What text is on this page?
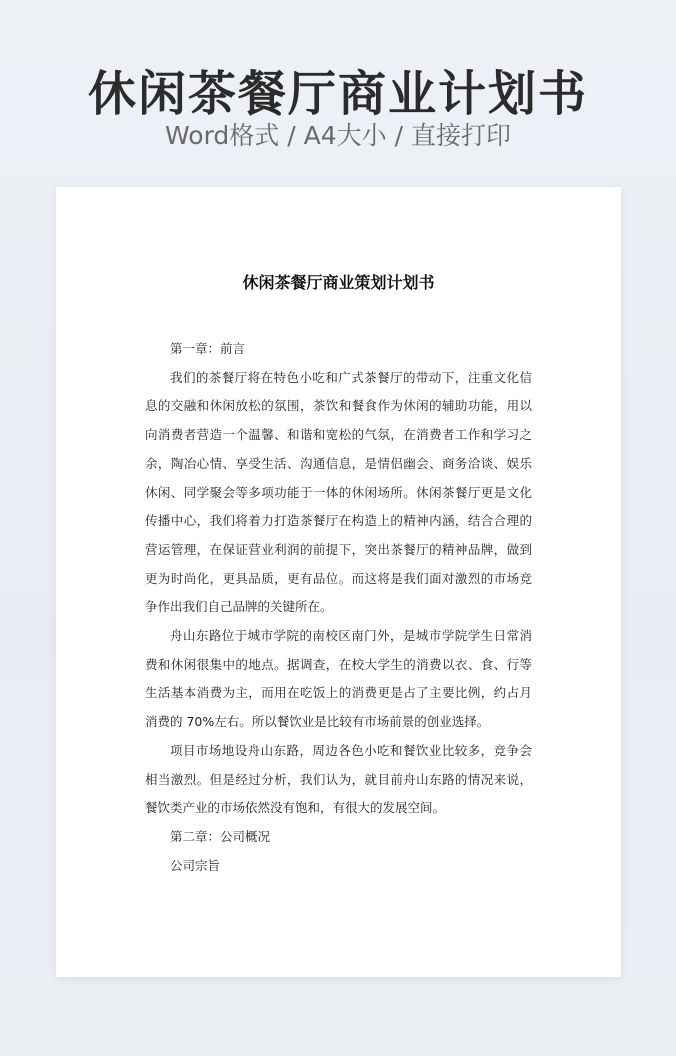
休闲茶餐厅商业计划书
Word格式 / A4大小 / 直接打印
休闲茶餐厅商业策划计划书

第一章：前言

我们的茶餐厅将在特色小吃和广式茶餐厅的带动下，注重文化信息的交融和休闲放松的氛围，茶饮和餐食作为休闲的辅助功能，用以向消费者营造一个温馨、和谐和宽松的气氛，在消费者工作和学习之余，陶冶心情、享受生活、沟通信息，是情侣幽会、商务洽谈、娱乐休闲、同学聚会等多项功能于一体的休闲场所。休闲茶餐厅更是文化传播中心，我们将着力打造茶餐厅在构造上的精神内涵，结合合理的营运管理，在保证营业利润的前提下，突出茶餐厅的精神品牌，做到更为时尚化，更具品质，更有品位。而这将是我们面对激烈的市场竞争作出我们自己品牌的关键所在。

舟山东路位于城市学院的南校区南门外，是城市学院学生日常消费和休闲很集中的地点。据调查，在校大学生的消费以衣、食、行等生活基本消费为主，而用在吃饭上的消费更是占了主要比例，约占月消费的 70%左右。所以餐饮业是比较有市场前景的创业选择。

项目市场地设舟山东路，周边各色小吃和餐饮业比较多，竞争会相当激烈。但是经过分析，我们认为，就目前舟山东路的情况来说，餐饮类产业的市场依然没有饱和，有很大的发展空间。

第二章：公司概况

公司宗旨
